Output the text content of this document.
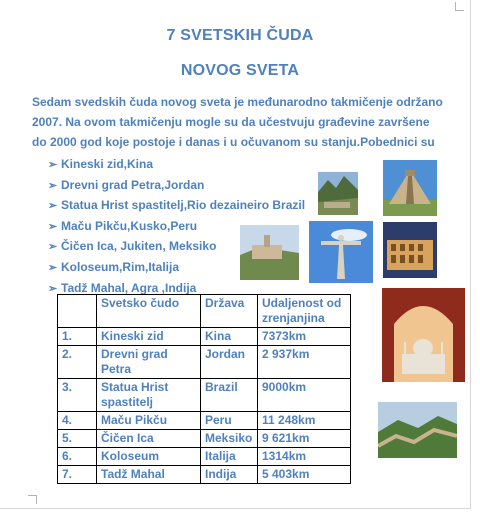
7 SVETSKIH ČUDA
NOVOG SVETA

Sedam svedskih čuda novog sveta je međunarodno takmičenje održano

2007. Na ovom takmičenju mogle su da učestvuju građevine završene

do 2000 god koje postoje i danas i u očuvanom su stanju.Pobednici su

➢ Kineski zid,Kina
➢ Drevni grad Petra,Jordan
➢ Statua Hrist spastitelj,Rio dezaineiro Brazil
➢ Maču Pikču,Kusko,Peru
➢ Čičen Ica, Jukiten, Meksiko
➢ Koloseum,Rim,Italija
➢ Tadž Mahal, Agra ,Indija
	Svetsko čudo	Država	Udaljenost od zrenjanjina
1.	Kineski zid	Kina	7373km
2.	Drevni grad Petra	Jordan	2 937km
3.	Statua Hrist spastitelj	Brazil	9000km
4.	Maču Pikču	Peru	11 248km
5.	Čičen Ica	Meksiko	9 621km
6.	Koloseum	Italija	1314km
7.	Tadž Mahal	Indija	5 403km
